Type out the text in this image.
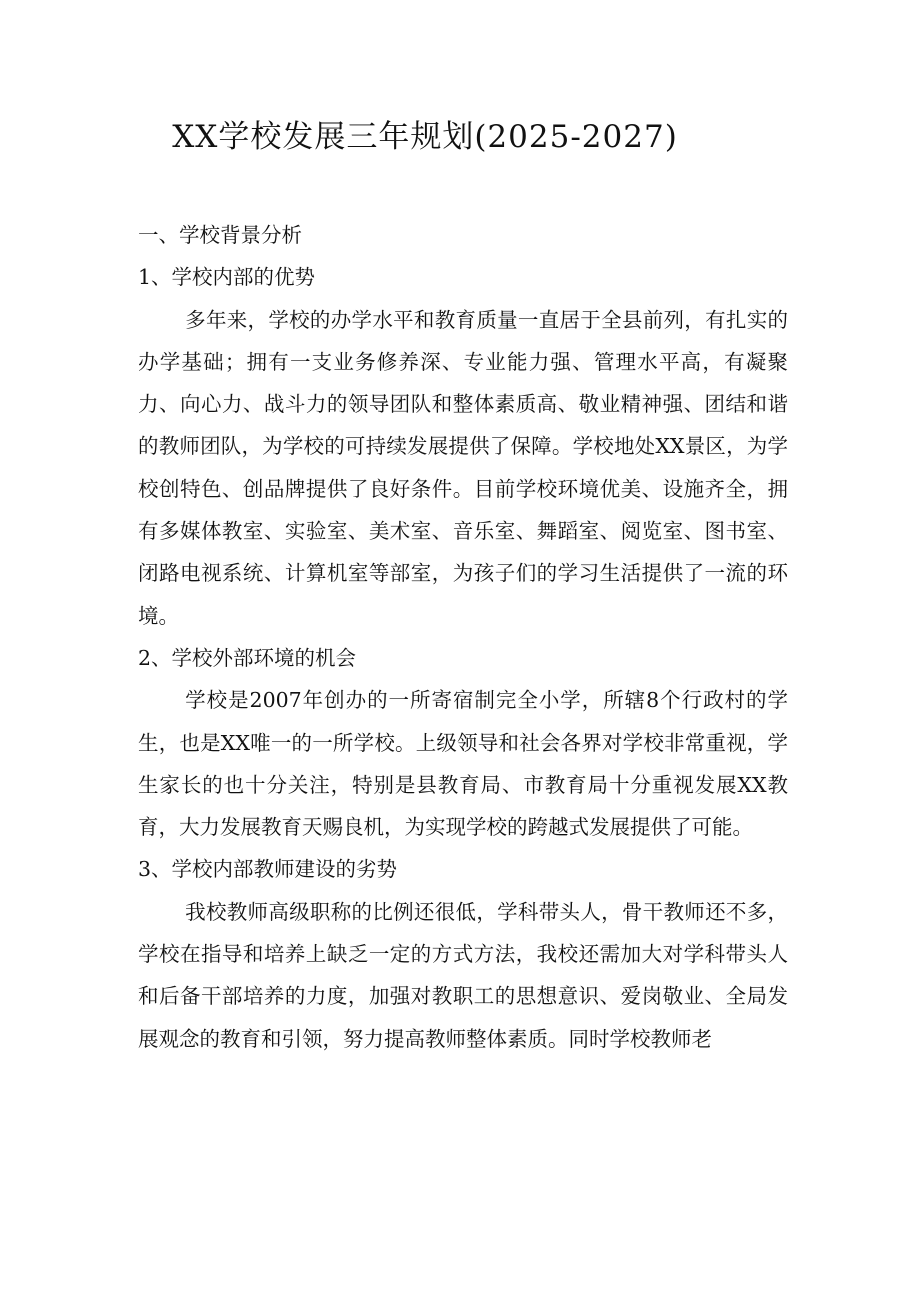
XX学校发展三年规划(2025-2027)
一、学校背景分析
1、学校内部的优势

多年来，学校的办学水平和教育质量一直居于全县前列，有扎实的办学基础；拥有一支业务修养深、专业能力强、管理水平高，有凝聚力、向心力、战斗力的领导团队和整体素质高、敬业精神强、团结和谐的教师团队，为学校的可持续发展提供了保障。学校地处XX景区，为学校创特色、创品牌提供了良好条件。目前学校环境优美、设施齐全，拥有多媒体教室、实验室、美术室、音乐室、舞蹈室、阅览室、图书室、闭路电视系统、计算机室等部室，为孩子们的学习生活提供了一流的环境。

2、学校外部环境的机会

学校是2007年创办的一所寄宿制完全小学，所辖8个行政村的学生，也是XX唯一的一所学校。上级领导和社会各界对学校非常重视，学生家长的也十分关注，特别是县教育局、市教育局十分重视发展XX教育，大力发展教育天赐良机，为实现学校的跨越式发展提供了可能。

3、学校内部教师建设的劣势

我校教师高级职称的比例还很低，学科带头人，骨干教师还不多，学校在指导和培养上缺乏一定的方式方法，我校还需加大对学科带头人和后备干部培养的力度，加强对教职工的思想意识、爱岗敬业、全局发展观念的教育和引领，努力提高教师整体素质。同时学校教师老
